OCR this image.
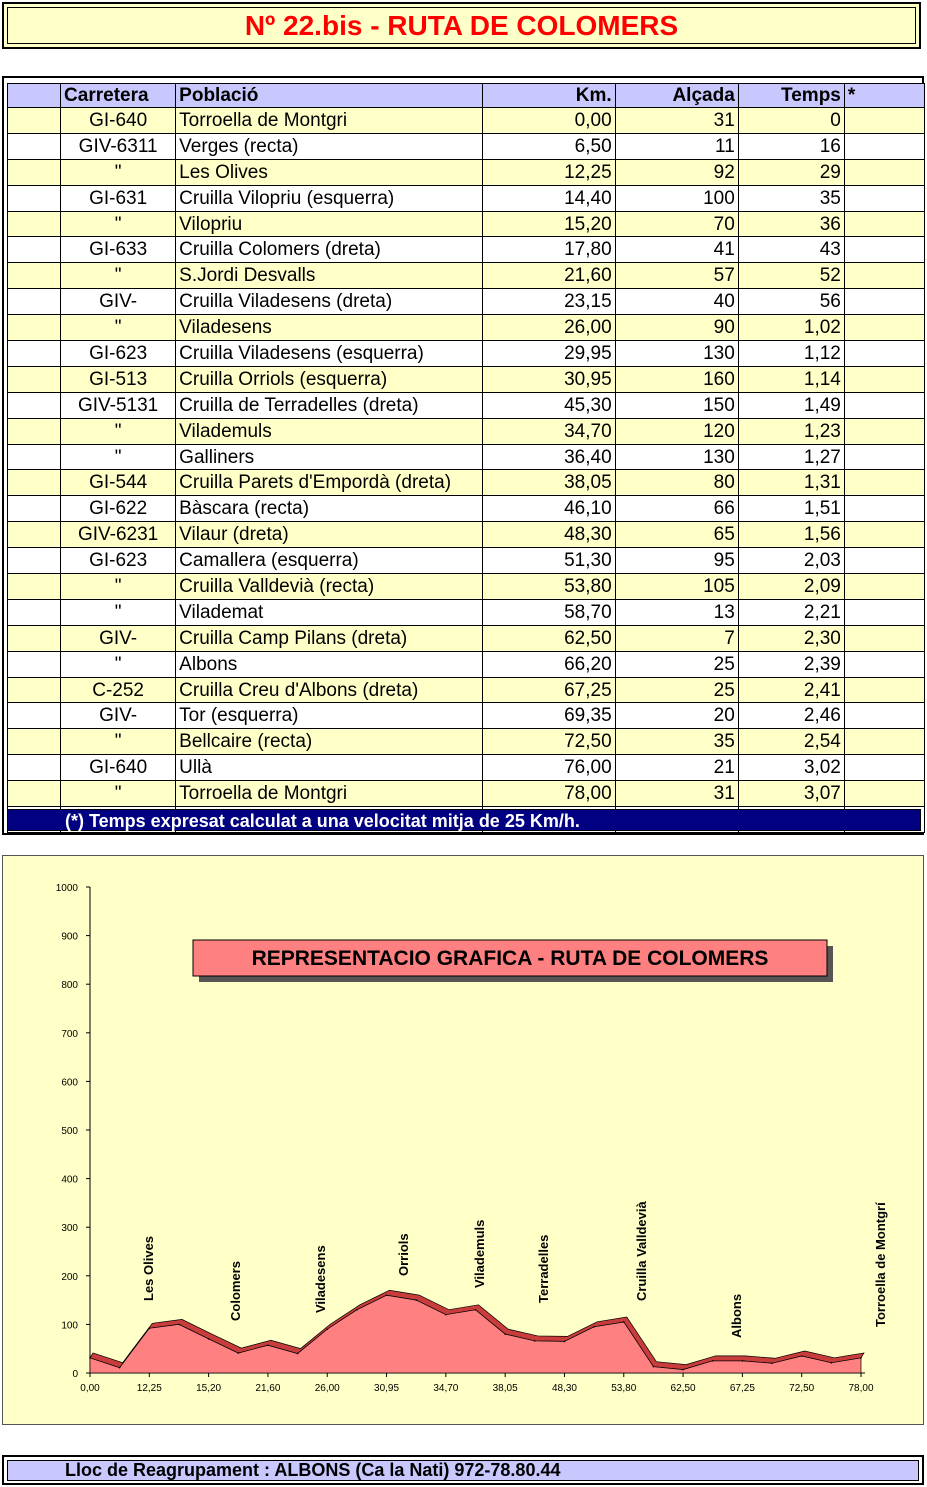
Nº 22.bis - RUTA DE COLOMERS
	Carretera	Població	Km.	Alçada	Temps	*
	GI-640	Torroella de Montgri	0,00	31	0	
	GIV-6311	Verges (recta)	6,50	11	16	
	"	Les Olives	12,25	92	29	
	GI-631	Cruilla Vilopriu (esquerra)	14,40	100	35	
	"	Vilopriu	15,20	70	36	
	GI-633	Cruilla Colomers (dreta)	17,80	41	43	
	"	S.Jordi Desvalls	21,60	57	52	
	GIV-	Cruilla Viladesens (dreta)	23,15	40	56	
	"	Viladesens	26,00	90	1,02	
	GI-623	Cruilla Viladesens (esquerra)	29,95	130	1,12	
	GI-513	Cruilla Orriols (esquerra)	30,95	160	1,14	
	GIV-5131	Cruilla de Terradelles (dreta)	45,30	150	1,49	
	"	Vilademuls	34,70	120	1,23	
	"	Galliners	36,40	130	1,27	
	GI-544	Cruilla Parets d'Empordà (dreta)	38,05	80	1,31	
	GI-622	Bàscara (recta)	46,10	66	1,51	
	GIV-6231	Vilaur (dreta)	48,30	65	1,56	
	GI-623	Camallera (esquerra)	51,30	95	2,03	
	"	Cruilla Valldevià (recta)	53,80	105	2,09	
	"	Vilademat	58,70	13	2,21	
	GIV-	Cruilla Camp Pilans (dreta)	62,50	7	2,30	
	"	Albons	66,20	25	2,39	
	C-252	Cruilla Creu d'Albons (dreta)	67,25	25	2,41	
	GIV-	Tor (esquerra)	69,35	20	2,46	
	"	Bellcaire (recta)	72,50	35	2,54	
	GI-640	Ullà	76,00	21	3,02	
	"	Torroella de Montgri	78,00	31	3,07	

(*) Temps expresat calculat a una velocitat mitja de 25 Km/h.
0
100
200
300
400
500
600
700
800
900
1000
0,00	12,25	15,20	21,60	26,00	30,95	34,70	38,05	48,30	53,80	62,50	67,25	72,50	78,00
Les Olives	Colomers	Viladesens	Orriols	Vilademuls	Terradelles	Cruilla Valldevià
Albons	Torroella de Montgrí
REPRESENTACIO GRAFICA - RUTA DE COLOMERS
Lloc de Reagrupament : ALBONS (Ca la Nati) 972-78.80.44
